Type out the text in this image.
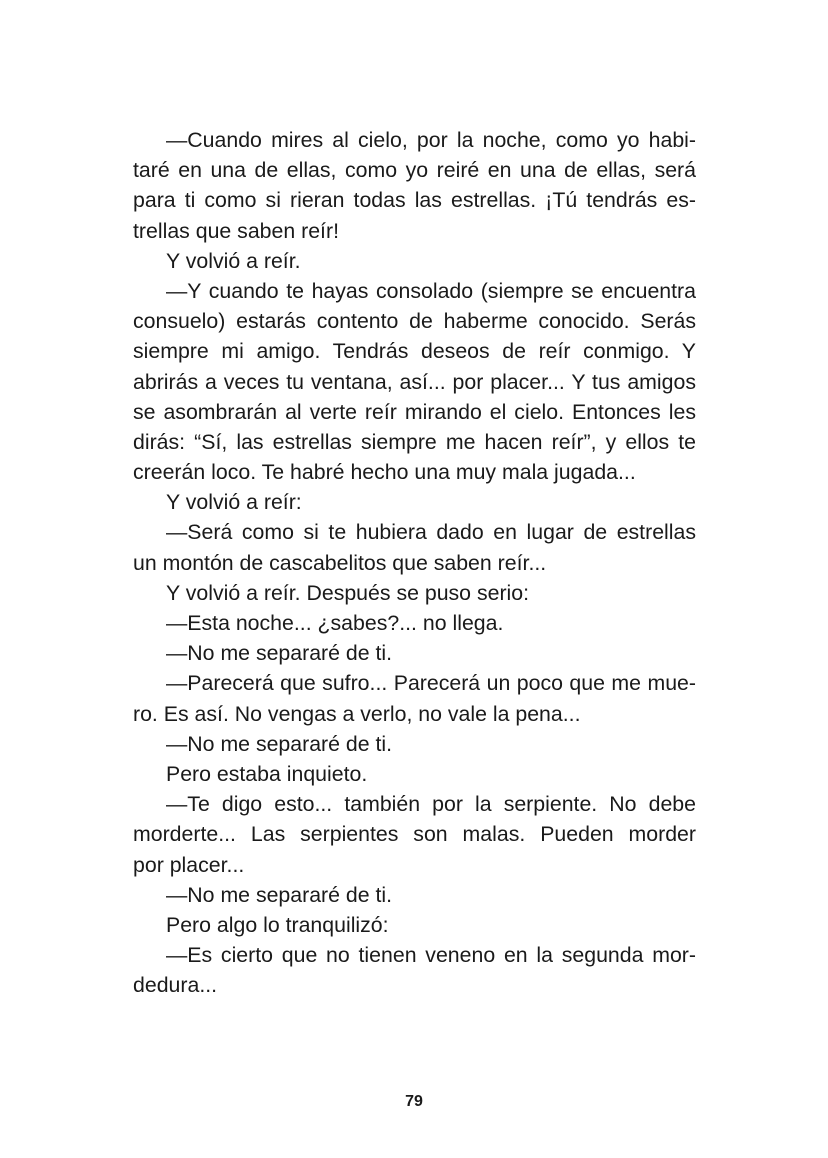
—Cuando mires al cielo, por la noche, como yo habi-
taré en una de ellas, como yo reiré en una de ellas, será
para ti como si rieran todas las estrellas. ¡Tú tendrás es-
trellas que saben reír!
Y volvió a reír.
—Y cuando te hayas consolado (siempre se encuentra
consuelo) estarás contento de haberme conocido. Serás
siempre mi amigo. Tendrás deseos de reír conmigo. Y
abrirás a veces tu ventana, así... por placer... Y tus amigos
se asombrarán al verte reír mirando el cielo. Entonces les
dirás: “Sí, las estrellas siempre me hacen reír”, y ellos te
creerán loco. Te habré hecho una muy mala jugada...
Y volvió a reír:
—Será como si te hubiera dado en lugar de estrellas
un montón de cascabelitos que saben reír...
Y volvió a reír. Después se puso serio:
—Esta noche... ¿sabes?... no llega.
—No me separaré de ti.
—Parecerá que sufro... Parecerá un poco que me mue-
ro. Es así. No vengas a verlo, no vale la pena...
—No me separaré de ti.
Pero estaba inquieto.
—Te digo esto... también por la serpiente. No debe
morderte... Las serpientes son malas. Pueden morder
por placer...
—No me separaré de ti.
Pero algo lo tranquilizó:
—Es cierto que no tienen veneno en la segunda mor-
dedura...
79
